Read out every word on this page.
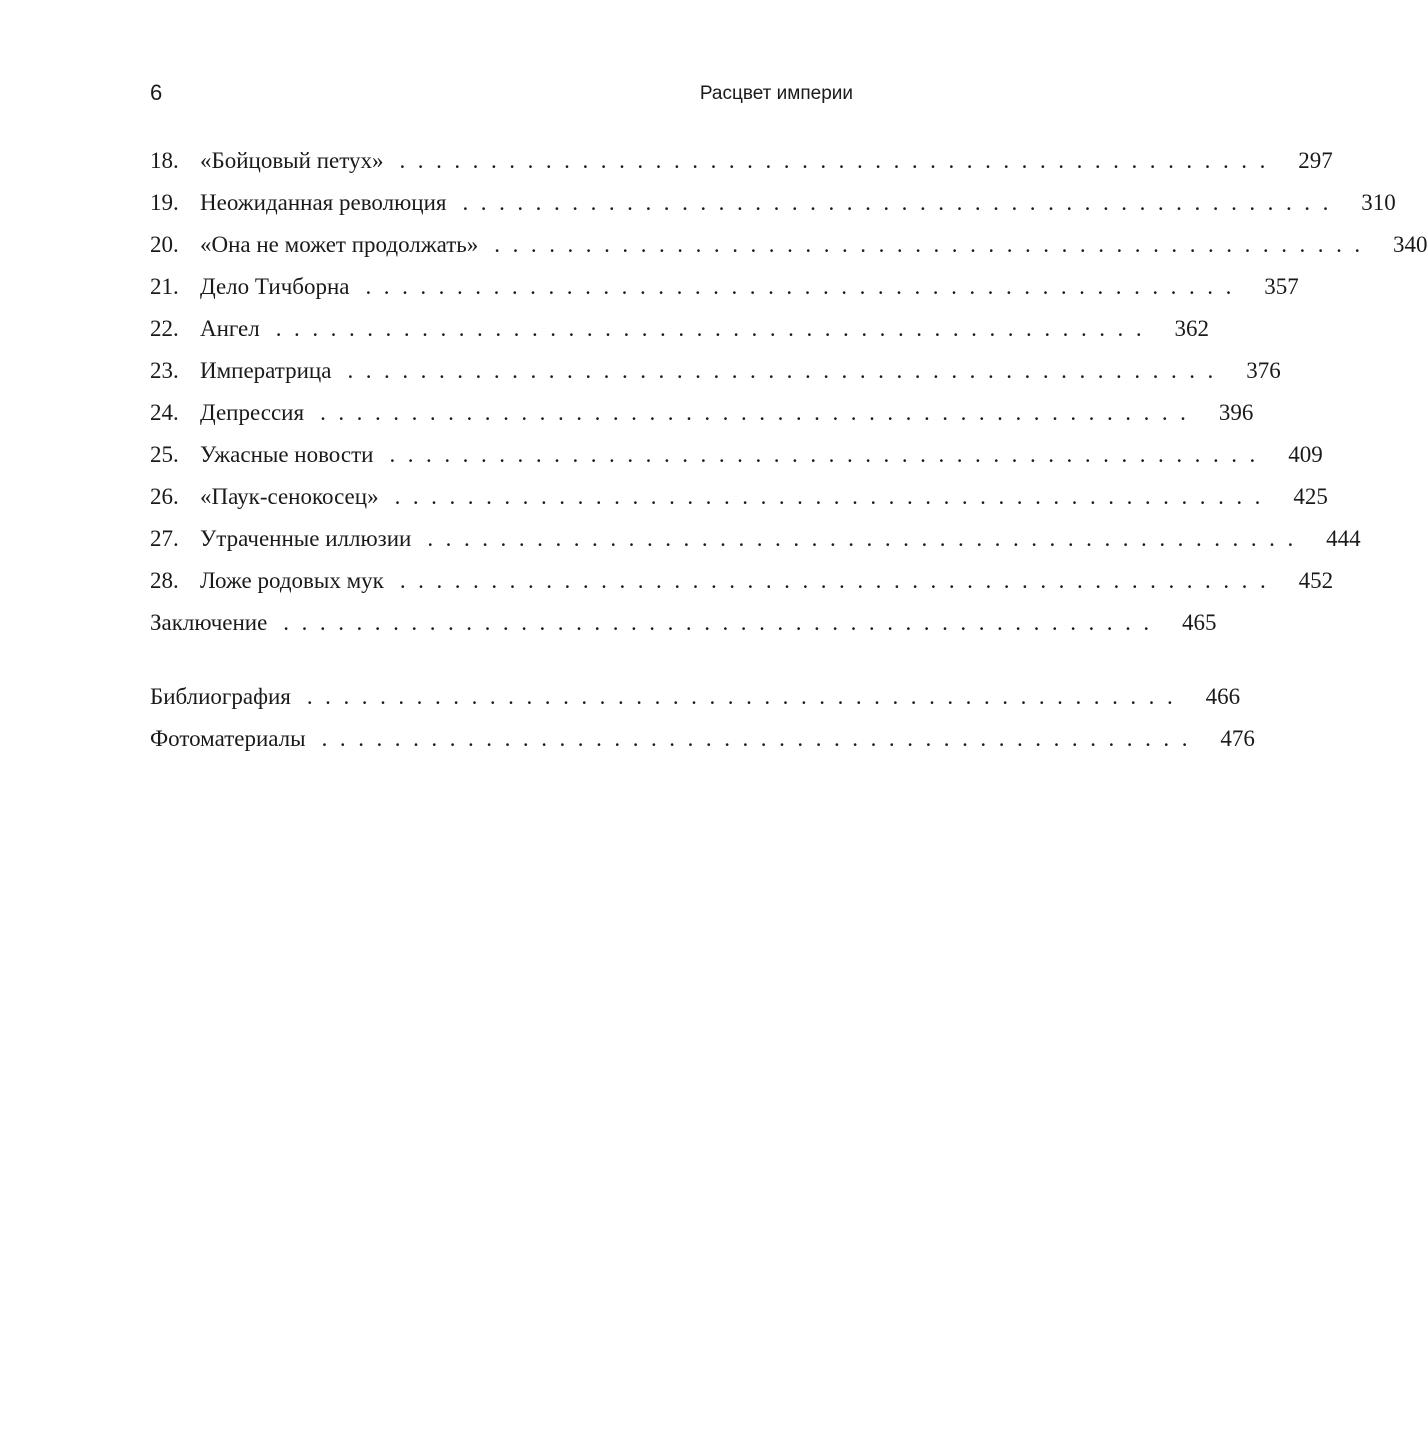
6	Расцвет империи
18. «Бойцовый петух» . . . . . . . . . . . . . . . . . . . . . . . . . . . . . . . . . . . . . . . . . . . . . . . .	297
19. Неожиданная революция . . . . . . . . . . . . . . . . . . . . . . . . . . . . . . . . . . . . . . . . . . . . . . . .	310
20. «Она не может продолжать» . . . . . . . . . . . . . . . . . . . . . . . . . . . . . . . . . . . . . . . . . . . . . . . .	340
21. Дело Тичборна . . . . . . . . . . . . . . . . . . . . . . . . . . . . . . . . . . . . . . . . . . . . . . . .	357
22. Ангел . . . . . . . . . . . . . . . . . . . . . . . . . . . . . . . . . . . . . . . . . . . . . . . .	362
23. Императрица . . . . . . . . . . . . . . . . . . . . . . . . . . . . . . . . . . . . . . . . . . . . . . . .	376
24. Депрессия . . . . . . . . . . . . . . . . . . . . . . . . . . . . . . . . . . . . . . . . . . . . . . . .	396
25. Ужасные новости . . . . . . . . . . . . . . . . . . . . . . . . . . . . . . . . . . . . . . . . . . . . . . . .	409
26. «Паук-сенокосец» . . . . . . . . . . . . . . . . . . . . . . . . . . . . . . . . . . . . . . . . . . . . . . . .	425
27. Утраченные иллюзии . . . . . . . . . . . . . . . . . . . . . . . . . . . . . . . . . . . . . . . . . . . . . . . .	444
28. Ложе родовых мук . . . . . . . . . . . . . . . . . . . . . . . . . . . . . . . . . . . . . . . . . . . . . . . .	452
Заключение . . . . . . . . . . . . . . . . . . . . . . . . . . . . . . . . . . . . . . . . . . . . . . . .	465
Библиография . . . . . . . . . . . . . . . . . . . . . . . . . . . . . . . . . . . . . . . . . . . . . . . .	466
Фотоматериалы . . . . . . . . . . . . . . . . . . . . . . . . . . . . . . . . . . . . . . . . . . . . . . . .	476
